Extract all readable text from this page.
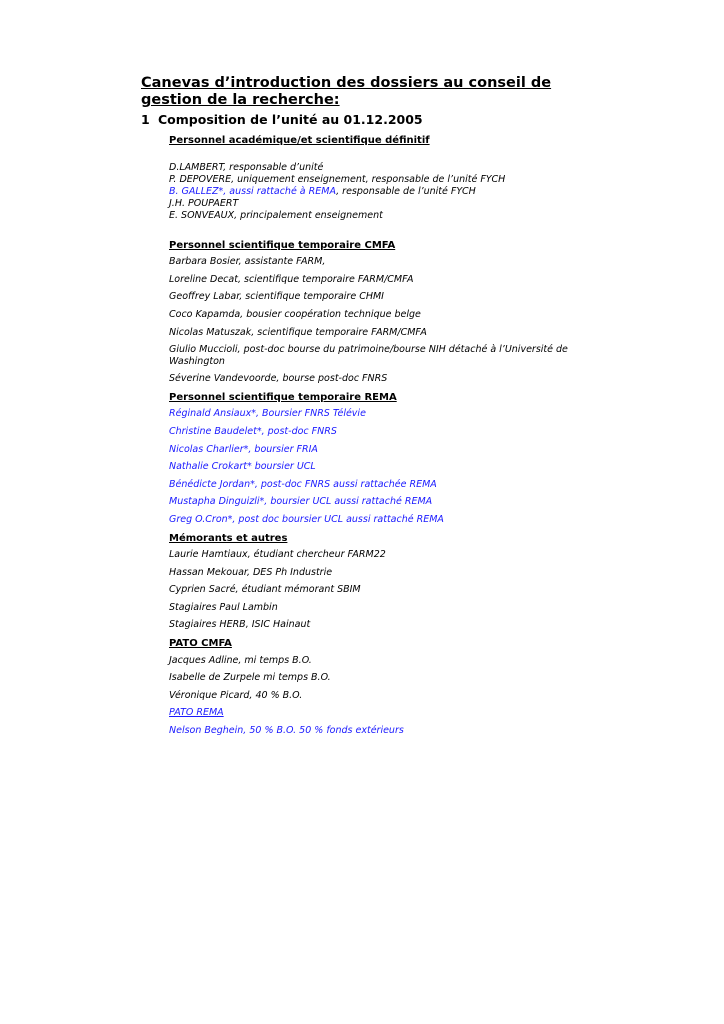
Canevas d’introduction des dossiers au conseil de gestion de la recherche:
1 Composition de l’unité au 01.12.2005

Personnel académique/et scientifique définitif

D.LAMBERT, responsable d’unité

P. DEPOVERE, uniquement enseignement, responsable de l’unité FYCH

B. GALLEZ*, aussi rattaché à REMA, responsable de l’unité FYCH

J.H. POUPAERT

E. SONVEAUX, principalement enseignement

Personnel scientifique temporaire CMFA

Barbara Bosier, assistante FARM,

Loreline Decat, scientifique temporaire FARM/CMFA

Geoffrey Labar, scientifique temporaire CHMI

Coco Kapamda, bousier coopération technique belge

Nicolas Matuszak, scientifique temporaire FARM/CMFA

Giulio Muccioli, post-doc bourse du patrimoine/bourse NIH détaché à l’Université de Washington

Séverine Vandevoorde, bourse post-doc FNRS

Personnel scientifique temporaire REMA

Réginald Ansiaux*, Boursier FNRS Télévie

Christine Baudelet*, post-doc FNRS

Nicolas Charlier*, boursier FRIA

Nathalie Crokart* boursier UCL

Bénédicte Jordan*, post-doc FNRS aussi rattachée REMA

Mustapha Dinguizli*, boursier UCL aussi rattaché REMA

Greg O.Cron*, post doc boursier UCL aussi rattaché REMA

Mémorants et autres

Laurie Hamtiaux, étudiant chercheur FARM22

Hassan Mekouar, DES Ph Industrie

Cyprien Sacré, étudiant mémorant SBIM

Stagiaires Paul Lambin

Stagiaires HERB, ISIC Hainaut

PATO CMFA

Jacques Adline, mi temps B.O.

Isabelle de Zurpele mi temps B.O.

Véronique Picard, 40 % B.O.

PATO REMA

Nelson Beghein, 50 % B.O. 50 % fonds extérieurs
